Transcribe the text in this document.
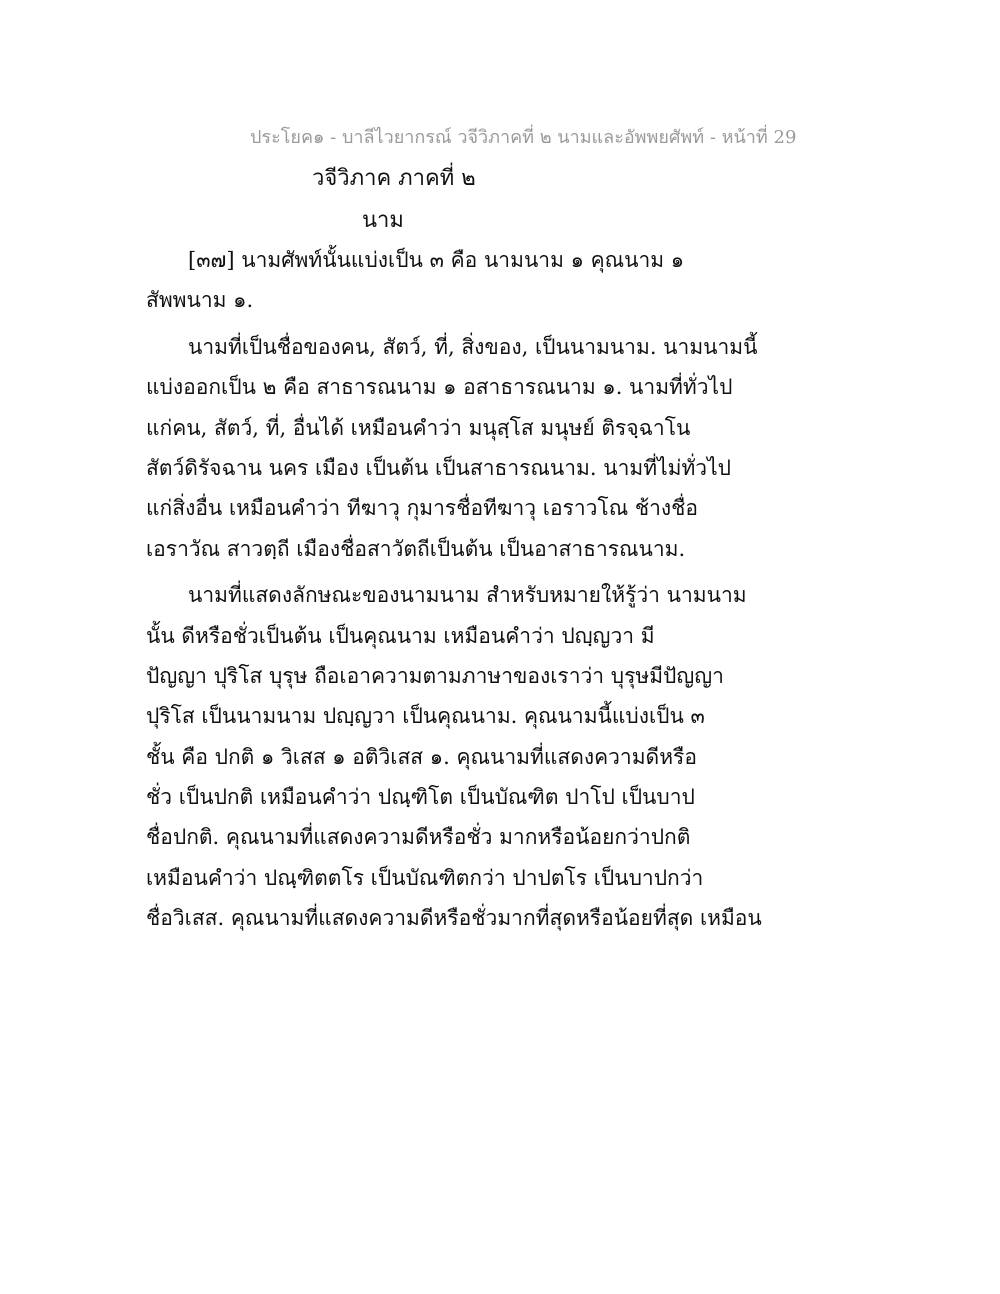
ประโยค๑ - บาลีไวยากรณ์ วจีวิภาคที่ ๒ นามและอัพพยศัพท์ - หน้าที่ 29
วจีวิภาค ภาคที่ ๒
นาม
[๓๗] นามศัพท์นั้นแบ่งเป็น ๓ คือ นามนาม ๑ คุณนาม ๑
สัพพนาม ๑.
นามที่เป็นชื่อของคน, สัตว์, ที่, สิ่งของ, เป็นนามนาม. นามนามนี้
แบ่งออกเป็น ๒ คือ สาธารณนาม ๑ อสาธารณนาม ๑. นามที่ทั่วไป
แก่คน, สัตว์, ที่, อื่นได้ เหมือนคำว่า มนุสฺโส มนุษย์ ติรจฺฉาโน
สัตว์ดิรัจฉาน นคร เมือง เป็นต้น เป็นสาธารณนาม. นามที่ไม่ทั่วไป
แก่สิ่งอื่น เหมือนคำว่า ทีฆาวุ กุมารชื่อทีฆาวุ เอราวโณ ช้างชื่อ
เอราวัณ สาวตฺถี เมืองชื่อสาวัตถีเป็นต้น เป็นอาสาธารณนาม.
นามที่แสดงลักษณะของนามนาม สำหรับหมายให้รู้ว่า นามนาม
นั้น ดีหรือชั่วเป็นต้น เป็นคุณนาม เหมือนคำว่า ปญฺญวา มี
ปัญญา ปุริโส บุรุษ ถือเอาความตามภาษาของเราว่า บุรุษมีปัญญา
ปุริโส เป็นนามนาม ปญฺญวา เป็นคุณนาม. คุณนามนี้แบ่งเป็น ๓
ชั้น คือ ปกติ ๑ วิเสส ๑ อติวิเสส ๑. คุณนามที่แสดงความดีหรือ
ชั่ว เป็นปกติ เหมือนคำว่า ปณฺฑิโต เป็นบัณฑิต ปาโป เป็นบาป
ชื่อปกติ. คุณนามที่แสดงความดีหรือชั่ว มากหรือน้อยกว่าปกติ
เหมือนคำว่า ปณฺฑิตตโร เป็นบัณฑิตกว่า ปาปตโร เป็นบาปกว่า
ชื่อวิเสส. คุณนามที่แสดงความดีหรือชั่วมากที่สุดหรือน้อยที่สุด เหมือน
